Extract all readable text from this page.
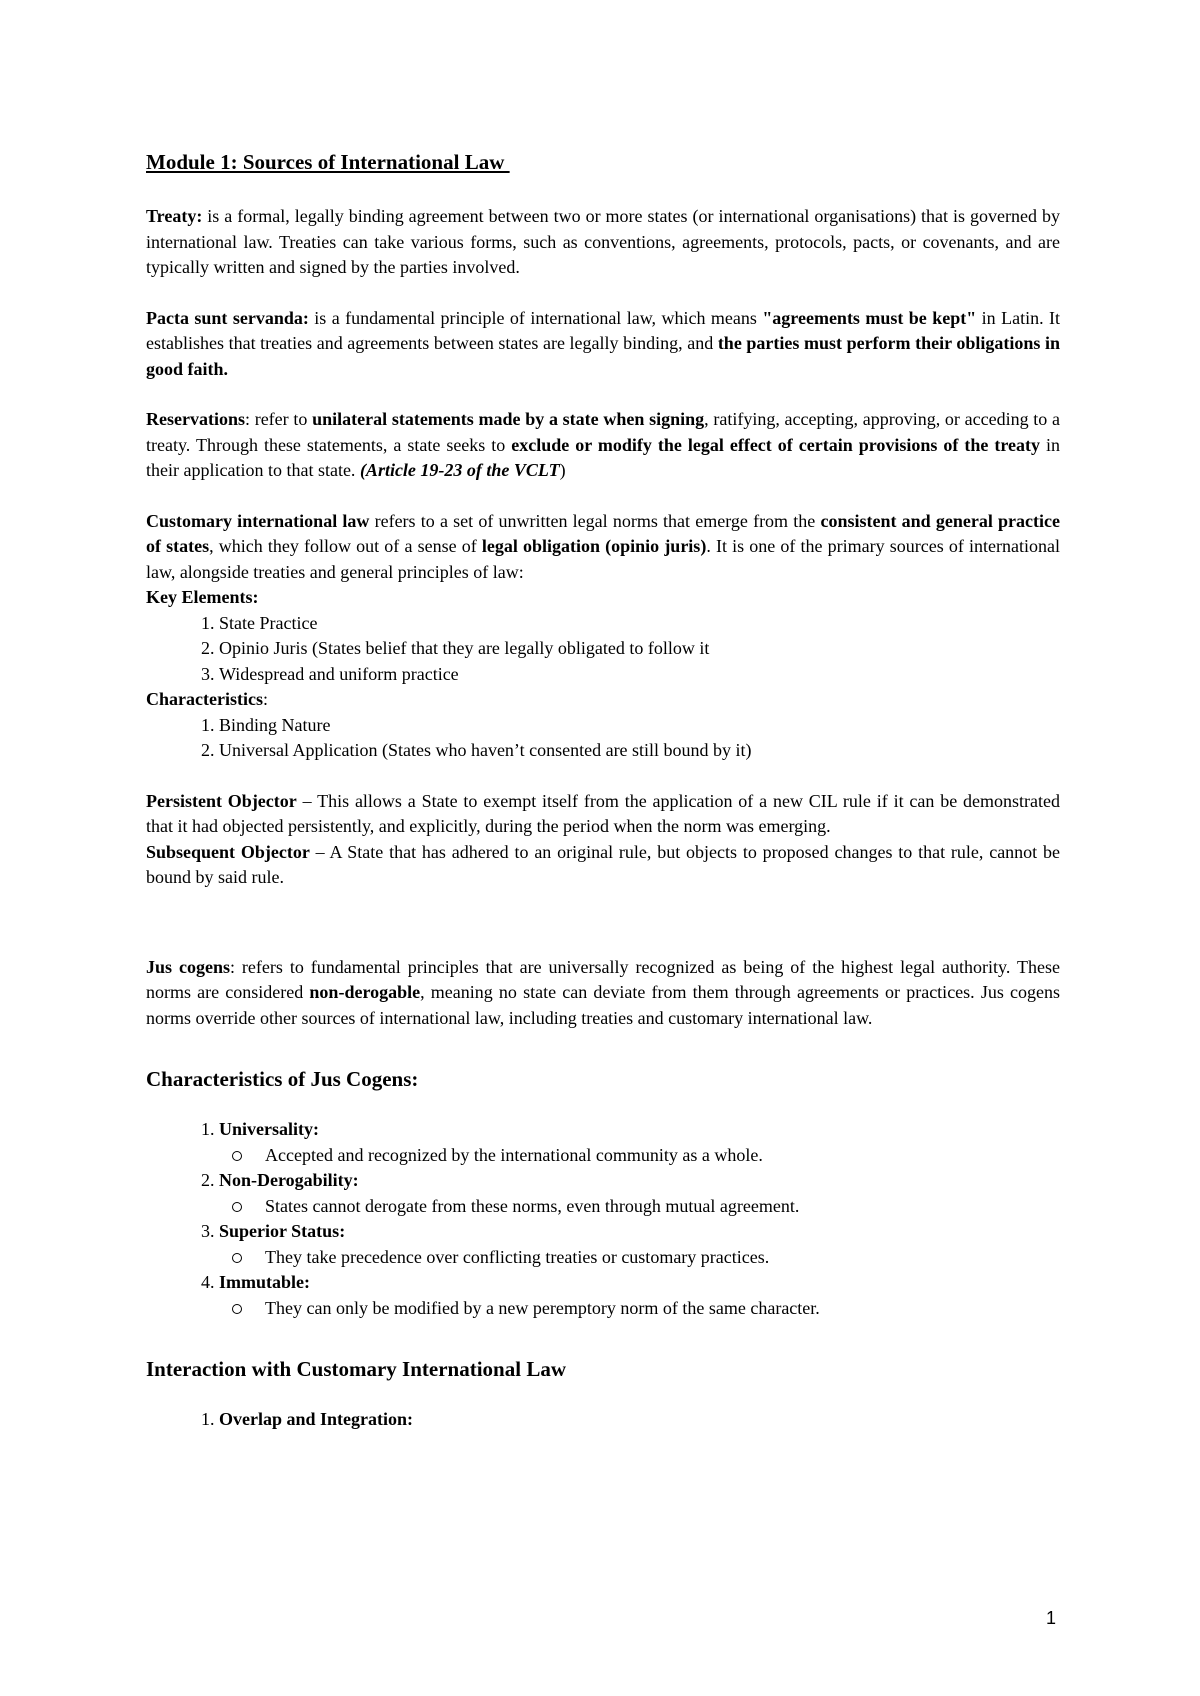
Module 1: Sources of International Law

Treaty: is a formal, legally binding agreement between two or more states (or international organisations) that is governed by international law. Treaties can take various forms, such as conventions, agreements, protocols, pacts, or covenants, and are typically written and signed by the parties involved.

Pacta sunt servanda: is a fundamental principle of international law, which means "agreements must be kept" in Latin. It establishes that treaties and agreements between states are legally binding, and the parties must perform their obligations in good faith.

Reservations: refer to unilateral statements made by a state when signing, ratifying, accepting, approving, or acceding to a treaty. Through these statements, a state seeks to exclude or modify the legal effect of certain provisions of the treaty in their application to that state. (Article 19-23 of the VCLT)

Customary international law refers to a set of unwritten legal norms that emerge from the consistent and general practice of states, which they follow out of a sense of legal obligation (opinio juris). It is one of the primary sources of international law, alongside treaties and general principles of law:

Key Elements:
1. State Practice
2. Opinio Juris (States belief that they are legally obligated to follow it
3. Widespread and uniform practice
Characteristics:
1. Binding Nature
2. Universal Application (States who haven’t consented are still bound by it)

Persistent Objector – This allows a State to exempt itself from the application of a new CIL rule if it can be demonstrated that it had objected persistently, and explicitly, during the period when the norm was emerging.

Subsequent Objector – A State that has adhered to an original rule, but objects to proposed changes to that rule, cannot be bound by said rule.

Jus cogens: refers to fundamental principles that are universally recognized as being of the highest legal authority. These norms are considered non-derogable, meaning no state can deviate from them through agreements or practices. Jus cogens norms override other sources of international law, including treaties and customary international law.

Characteristics of Jus Cogens:
1. Universality:
Accepted and recognized by the international community as a whole.
2. Non-Derogability:
States cannot derogate from these norms, even through mutual agreement.
3. Superior Status:
They take precedence over conflicting treaties or customary practices.
4. Immutable:
They can only be modified by a new peremptory norm of the same character.
Interaction with Customary International Law
1. Overlap and Integration:
1
